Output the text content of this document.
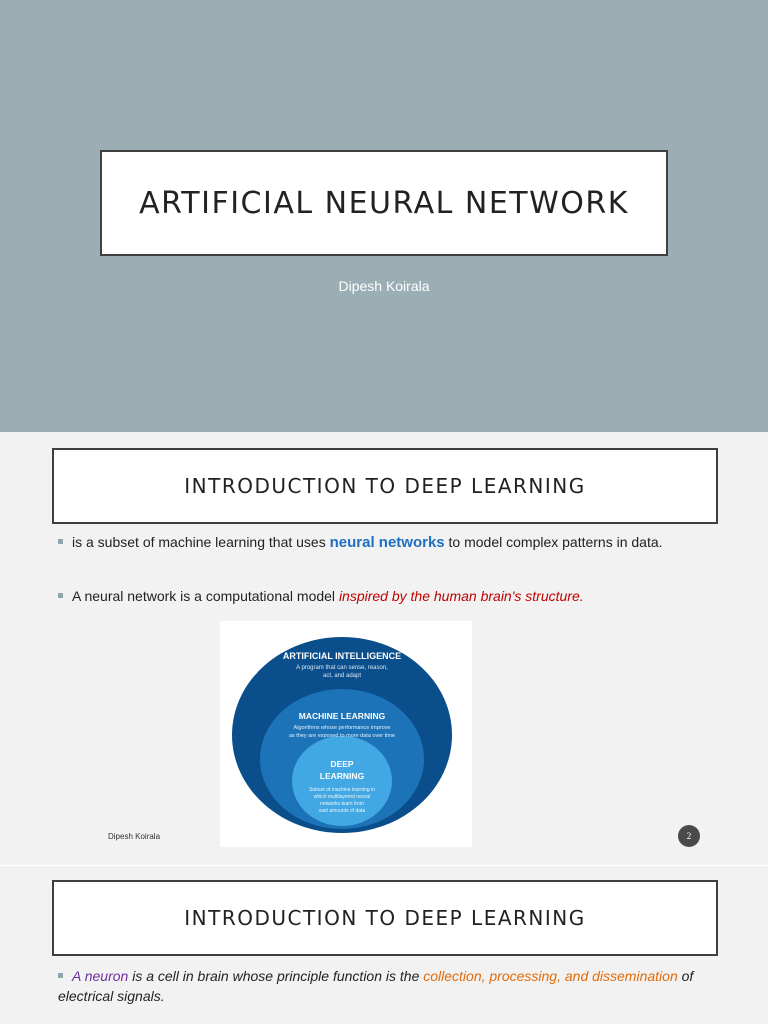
ARTIFICIAL NEURAL NETWORK
Dipesh Koirala
INTRODUCTION TO DEEP LEARNING
is a subset of machine learning that uses neural networks to model complex patterns in data.
A neural network is a computational model inspired by the human brain's structure.
ARTIFICIAL INTELLIGENCE
A program that can sense, reason,
act, and adapt
MACHINE LEARNING
Algorithms whose performance improve
as they are exposed to more data over time
DEEP
LEARNING
Subset of machine learning in
which multilayered neural
networks learn from
vast amounts of data
Dipesh Koirala	2
INTRODUCTION TO DEEP LEARNING
A neuron is a cell in brain whose principle function is the collection, processing, and dissemination of electrical signals.
